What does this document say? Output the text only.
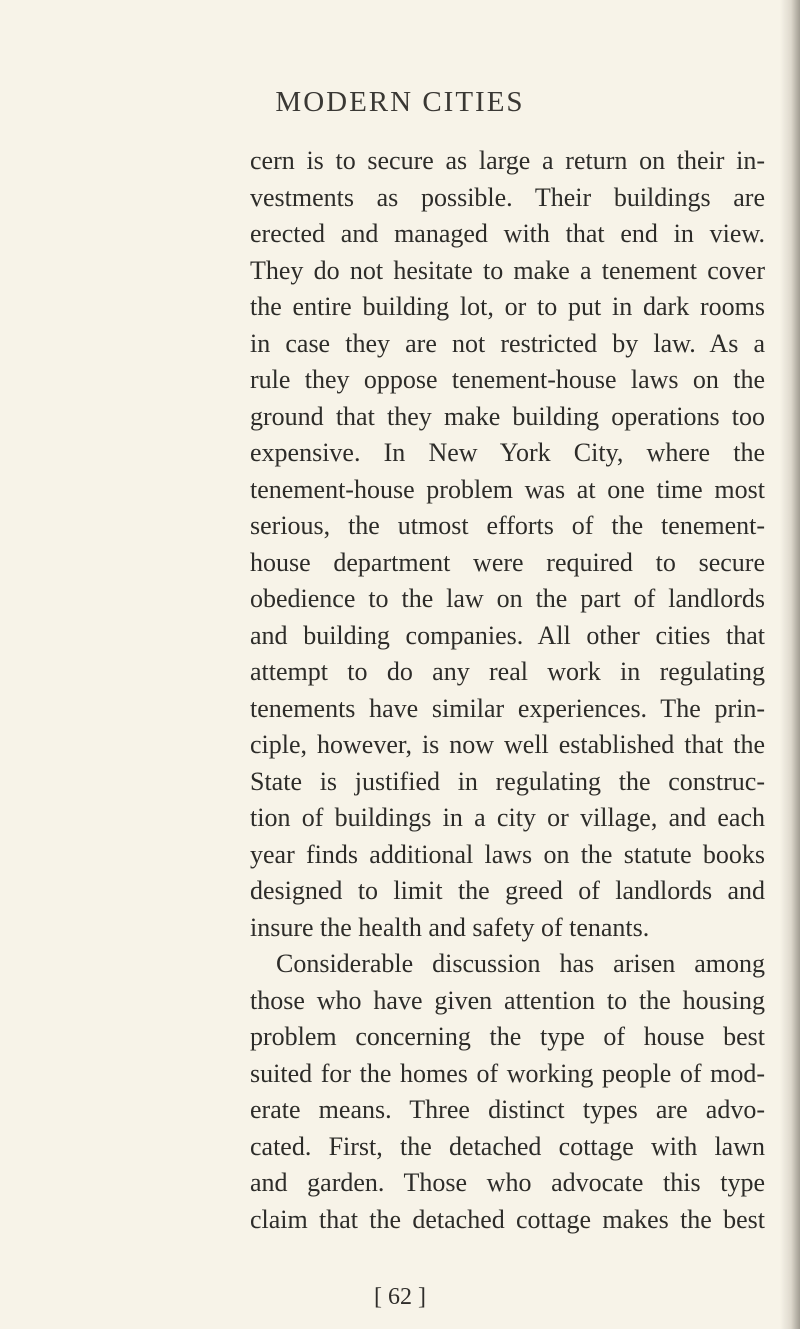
MODERN CITIES
cern is to secure as large a return on their in-
vestments as possible. Their buildings are
erected and managed with that end in view.
They do not hesitate to make a tenement cover
the entire building lot, or to put in dark rooms
in case they are not restricted by law. As a
rule they oppose tenement-house laws on the
ground that they make building operations too
expensive. In New York City, where the
tenement-house problem was at one time most
serious, the utmost efforts of the tenement-
house department were required to secure
obedience to the law on the part of landlords
and building companies. All other cities that
attempt to do any real work in regulating
tenements have similar experiences. The prin-
ciple, however, is now well established that the
State is justified in regulating the construc-
tion of buildings in a city or village, and each
year finds additional laws on the statute books
designed to limit the greed of landlords and
insure the health and safety of tenants.
Considerable discussion has arisen among
those who have given attention to the housing
problem concerning the type of house best
suited for the homes of working people of mod-
erate means. Three distinct types are advo-
cated. First, the detached cottage with lawn
and garden. Those who advocate this type
claim that the detached cottage makes the best
[ 62 ]
